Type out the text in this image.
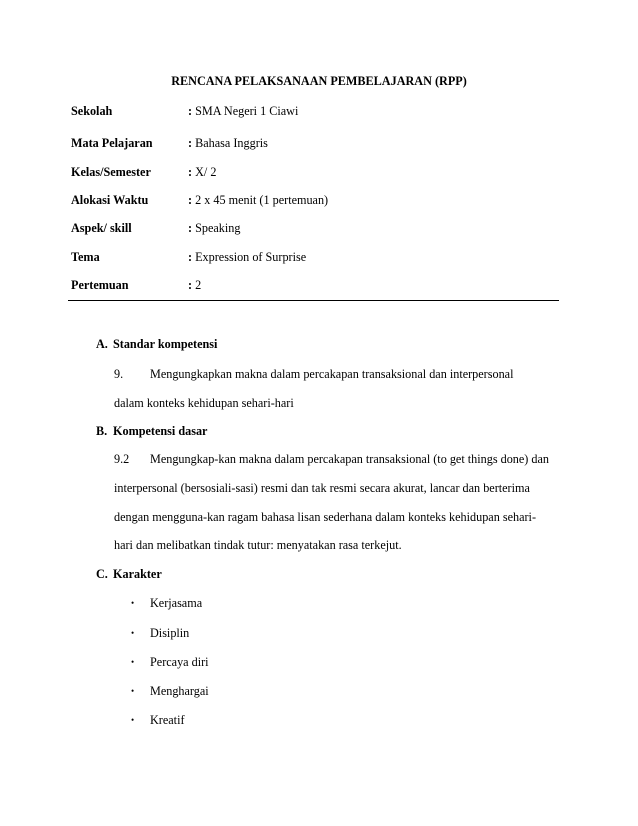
RENCANA PELAKSANAAN PEMBELAJARAN (RPP)
Sekolah	: SMA Negeri 1 Ciawi
Mata Pelajaran	: Bahasa Inggris
Kelas/Semester	: X/ 2
Alokasi Waktu	: 2 x 45 menit (1 pertemuan)
Aspek/ skill	: Speaking
Tema	: Expression of Surprise
Pertemuan	: 2
A. Standar kompetensi
9. Mengungkapkan makna dalam percakapan transaksional dan interpersonal
dalam konteks kehidupan sehari-hari
B. Kompetensi dasar
9.2 Mengungkap-kan makna dalam percakapan transaksional (to get things done) dan
interpersonal (bersosiali-sasi) resmi dan tak resmi secara akurat, lancar dan berterima
dengan mengguna-kan ragam bahasa lisan sederhana dalam konteks kehidupan sehari-
hari dan melibatkan tindak tutur: menyatakan rasa terkejut.
C. Karakter
• Kerjasama
• Disiplin
• Percaya diri
• Menghargai
• Kreatif
